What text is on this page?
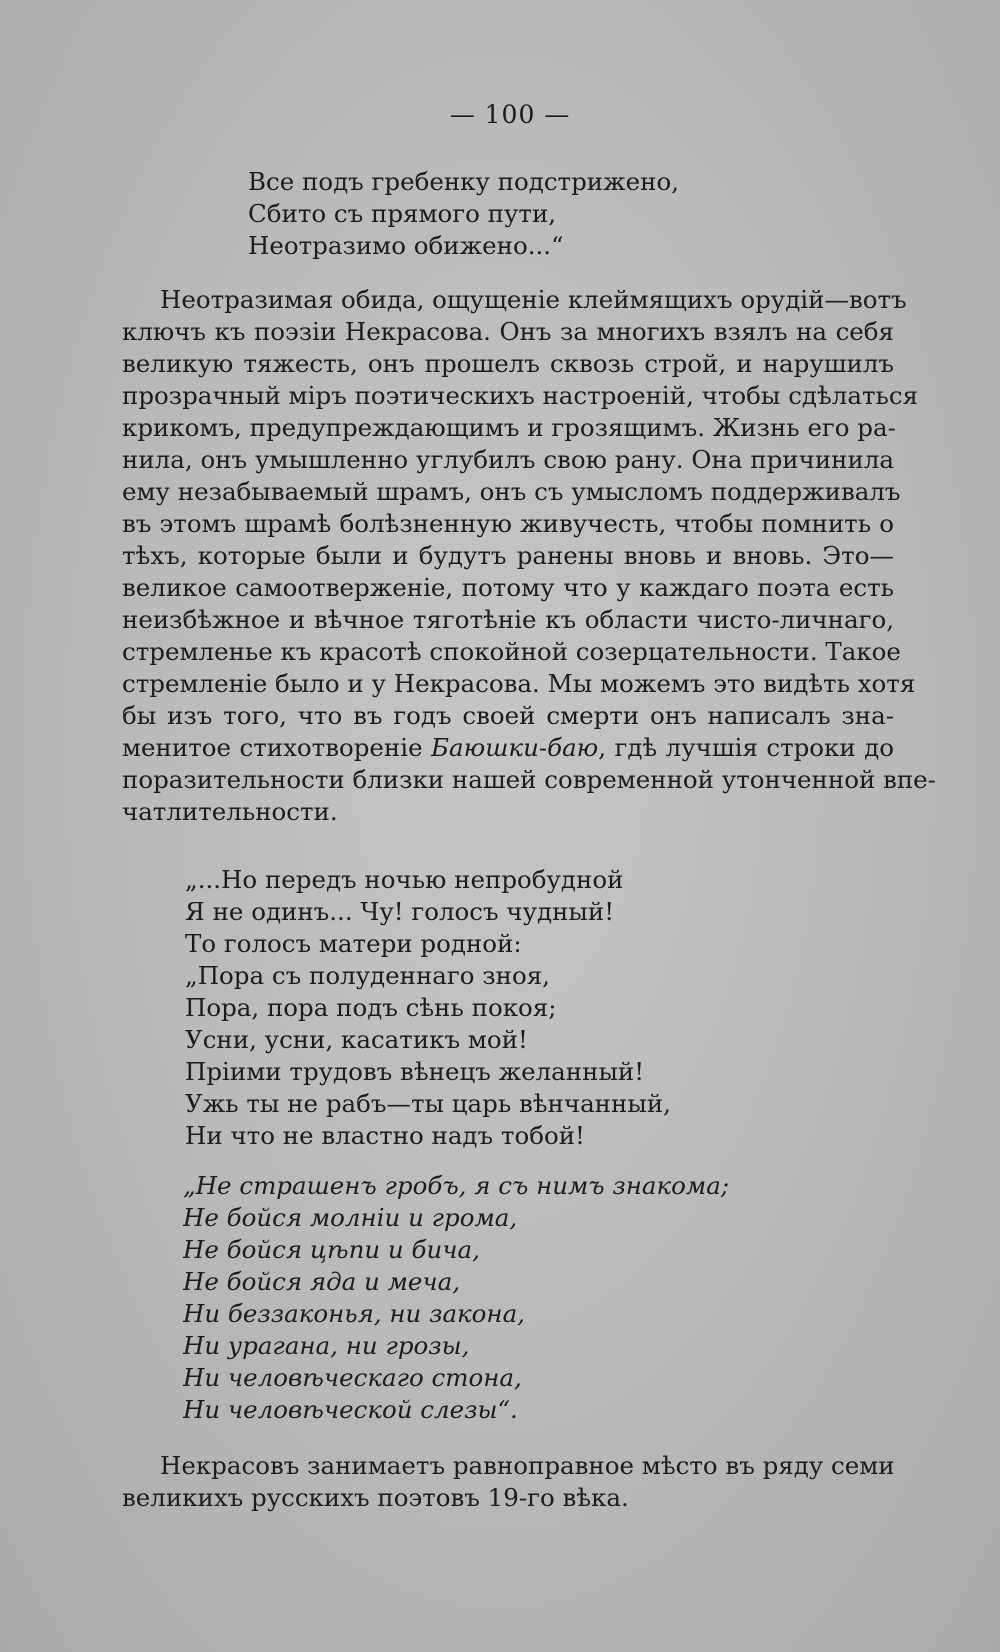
— 100 —
Все подъ гребенку подстрижено,
Сбито съ прямого пути,
Неотразимо обижено...“
Неотразимая обида, ощущеніе клеймящихъ орудій—вотъ
ключъ къ поэзіи Некрасова. Онъ за многихъ взялъ на себя
великую тяжесть, онъ прошелъ сквозь строй, и нарушилъ
прозрачный міръ поэтическихъ настроеній, чтобы сдѣлаться
крикомъ, предупреждающимъ и грозящимъ. Жизнь его ра-
нила, онъ умышленно углубилъ свою рану. Она причинила
ему незабываемый шрамъ, онъ съ умысломъ поддерживалъ
въ этомъ шрамѣ болѣзненную живучесть, чтобы помнить о
тѣхъ, которые были и будутъ ранены вновь и вновь. Это—
великое самоотверженіе, потому что у каждаго поэта есть
неизбѣжное и вѣчное тяготѣніе къ области чисто-личнаго,
стремленье къ красотѣ спокойной созерцательности. Такое
стремленіе было и у Некрасова. Мы можемъ это видѣть хотя
бы изъ того, что въ годъ своей смерти онъ написалъ зна-
менитое стихотвореніе Баюшки-баю, гдѣ лучшія строки до
поразительности близки нашей современной утонченной впе-
чатлительности.
„...Но передъ ночью непробудной
Я не одинъ... Чу! голосъ чудный!
То голосъ матери родной:
„Пора съ полуденнаго зноя,
Пора, пора подъ сѣнь покоя;
Усни, усни, касатикъ мой!
Пріими трудовъ вѣнецъ желанный!
Ужь ты не рабъ—ты царь вѣнчанный,
Ни что не властно надъ тобой!
„Не страшенъ гробъ, я съ нимъ знакома;
Не бойся молніи и грома,
Не бойся цѣпи и бича,
Не бойся яда и меча,
Ни беззаконья, ни закона,
Ни урагана, ни грозы,
Ни человѣческаго стона,
Ни человѣческой слезы“.
Некрасовъ занимаетъ равноправное мѣсто въ ряду семи
великихъ русскихъ поэтовъ 19-го вѣка.
